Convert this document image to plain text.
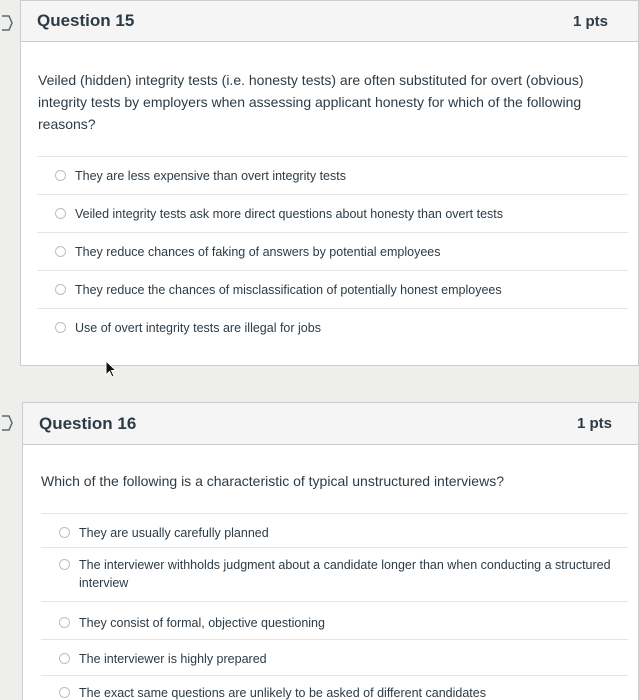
Question 15	1 pts
Veiled (hidden) integrity tests (i.e. honesty tests) are often substituted for overt (obvious) integrity tests by employers when assessing applicant honesty for which of the following reasons?
They are less expensive than overt integrity tests
Veiled integrity tests ask more direct questions about honesty than overt tests
They reduce chances of faking of answers by potential employees
They reduce the chances of misclassification of potentially honest employees
Use of overt integrity tests are illegal for jobs
Question 16	1 pts
Which of the following is a characteristic of typical unstructured interviews?
They are usually carefully planned
The interviewer withholds judgment about a candidate longer than when conducting a structured interview
They consist of formal, objective questioning
The interviewer is highly prepared
The exact same questions are unlikely to be asked of different candidates
